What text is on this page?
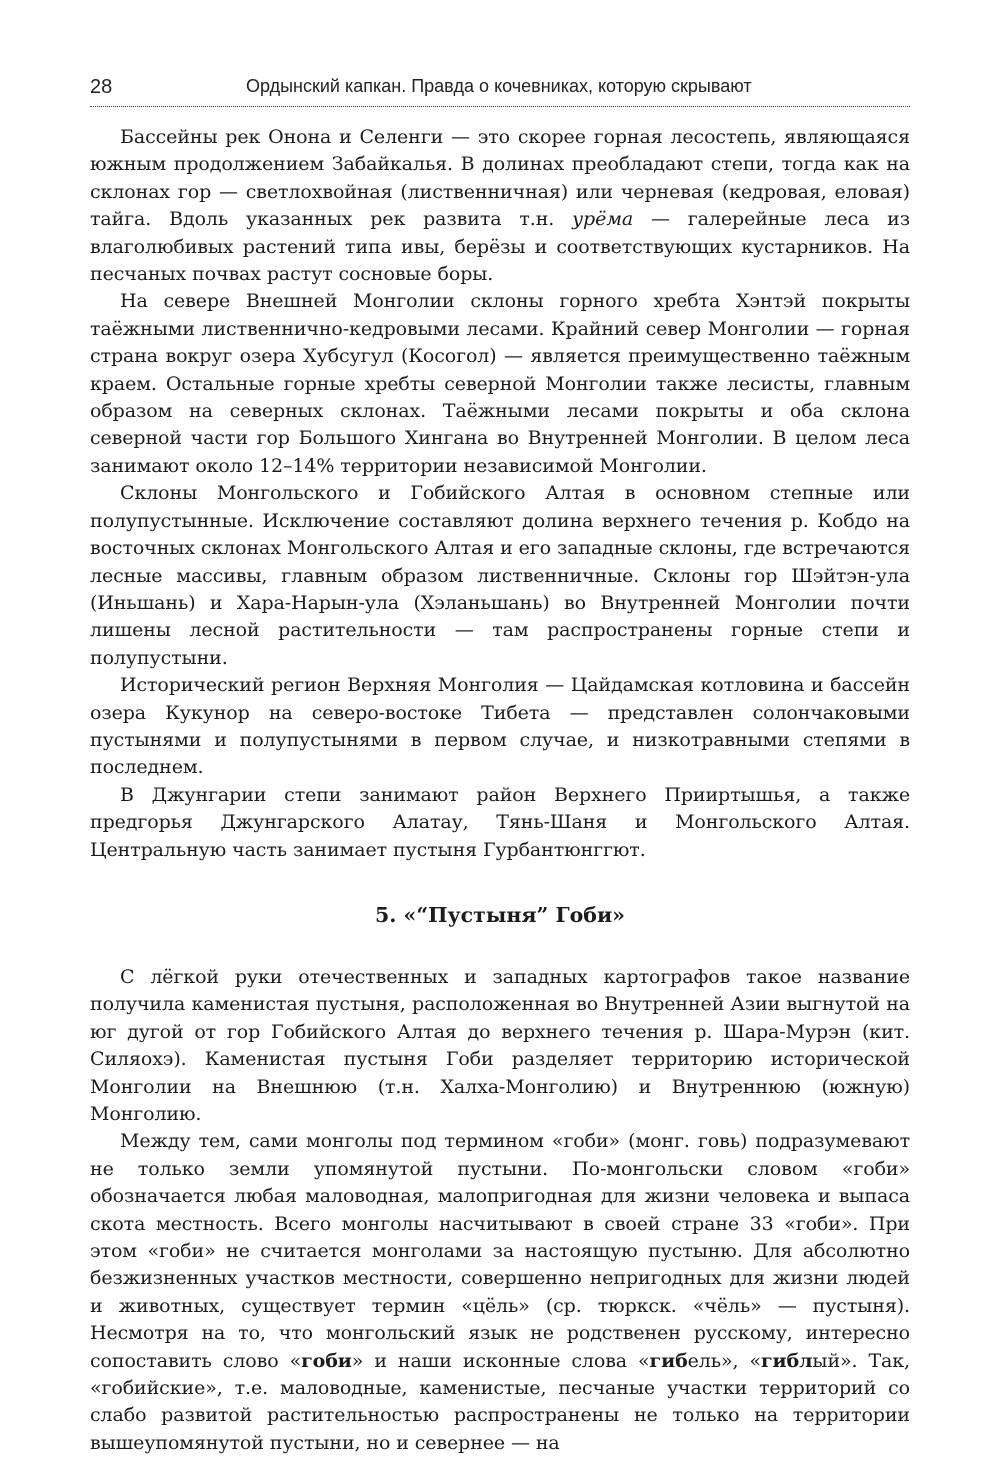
28	Ордынский капкан. Правда о кочевниках, которую скрывают

Бассейны рек Онона и Селенги — это скорее горная лесостепь, являющаяся южным продолжением Забайкалья. В долинах преобладают степи, тогда как на склонах гор — светлохвойная (лиственничная) или черневая (кедровая, еловая) тайга. Вдоль указанных рек развита т.н. урёма — галерейные леса из влаголюбивых растений типа ивы, берёзы и соответствующих кустарников. На песчаных почвах растут сосновые боры.

На севере Внешней Монголии склоны горного хребта Хэнтэй покрыты таёжными лиственнично-кедровыми лесами. Крайний север Монголии — горная страна вокруг озера Хубсугул (Косогол) — является преимущественно таёжным краем. Остальные горные хребты северной Монголии также лесисты, главным образом на северных склонах. Таёжными лесами покрыты и оба склона северной части гор Большого Хингана во Внутренней Монголии. В целом леса занимают около 12–14% территории независимой Монголии.

Склоны Монгольского и Гобийского Алтая в основном степные или полупустынные. Исключение составляют долина верхнего течения р. Кобдо на восточных склонах Монгольского Алтая и его западные склоны, где встречаются лесные массивы, главным образом лиственничные. Склоны гор Шэйтэн-ула (Иньшань) и Хара-Нарын-ула (Хэланьшань) во Внутренней Монголии почти лишены лесной растительности — там распространены горные степи и полупустыни.

Исторический регион Верхняя Монголия — Цайдамская котловина и бассейн озера Кукунор на северо-востоке Тибета — представлен солончаковыми пустынями и полупустынями в первом случае, и низкотравными степями в последнем.

В Джунгарии степи занимают район Верхнего Прииртышья, а также предгорья Джунгарского Алатау, Тянь-Шаня и Монгольского Алтая. Центральную часть занимает пустыня Гурбантюнггют.

5. «“Пустыня” Гоби»

С лёгкой руки отечественных и западных картографов такое название получила каменистая пустыня, расположенная во Внутренней Азии выгнутой на юг дугой от гор Гобийского Алтая до верхнего течения р. Шара-Мурэн (кит. Силяохэ). Каменистая пустыня Гоби разделяет территорию исторической Монголии на Внешнюю (т.н. Халха-Монголию) и Внутреннюю (южную) Монголию.

Между тем, сами монголы под термином «гоби» (монг. говь) подразумевают не только земли упомянутой пустыни. По-монгольски словом «гоби» обозначается любая маловодная, малопригодная для жизни человека и выпаса скота местность. Всего монголы насчитывают в своей стране 33 «гоби». При этом «гоби» не считается монголами за настоящую пустыню. Для абсолютно безжизненных участков местности, совершенно непригодных для жизни людей и животных, существует термин «цёль» (ср. тюркск. «чёль» — пустыня). Несмотря на то, что монгольский язык не родственен русскому, интересно сопоставить слово «гоби» и наши исконные слова «гибель», «гиблый». Так, «гобийские», т.е. маловодные, каменистые, песчаные участки территорий со слабо развитой растительностью распространены не только на территории вышеупомянутой пустыни, но и севернее — на
